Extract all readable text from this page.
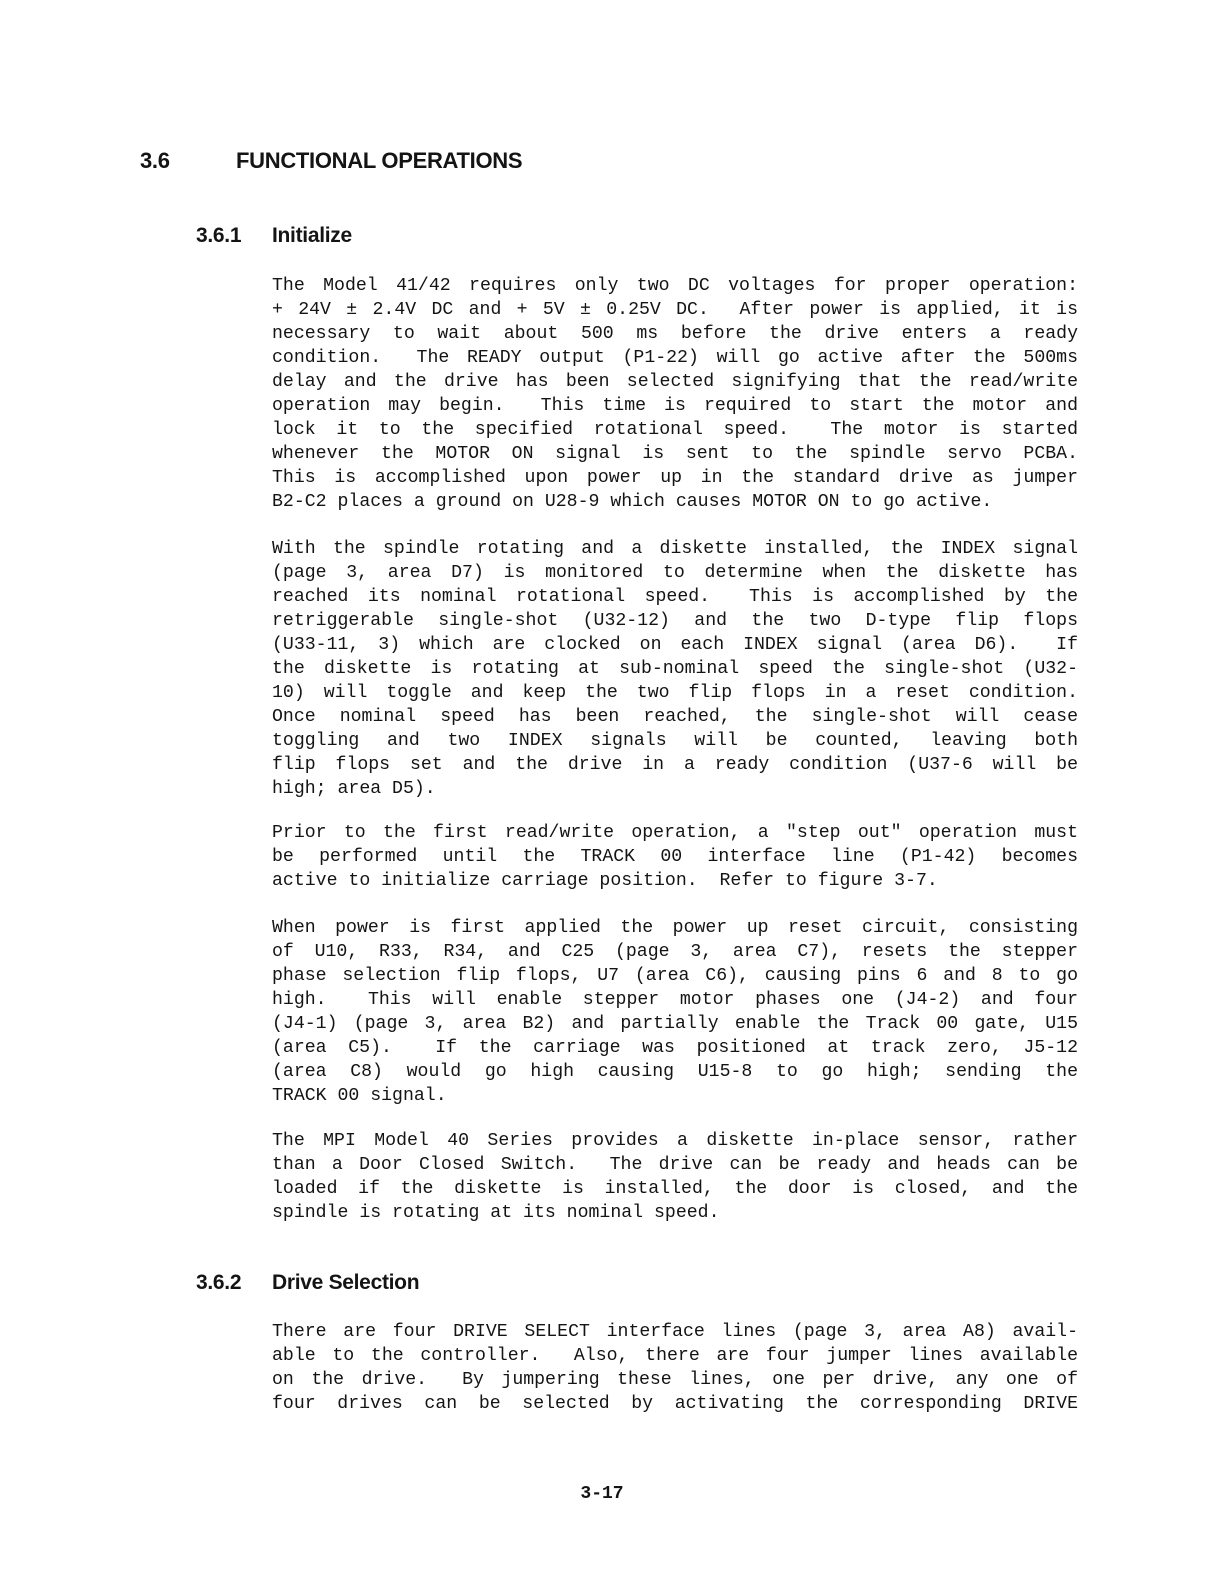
3.6	FUNCTIONAL OPERATIONS
3.6.1 Initialize
The Model 41/42 requires only two DC voltages for proper operation:
+ 24V ± 2.4V DC and + 5V ± 0.25V DC.  After power is applied, it is
necessary to wait about 500 ms before the drive enters a ready
condition.  The READY output (P1-22) will go active after the 500ms
delay and the drive has been selected signifying that the read/write
operation may begin.  This time is required to start the motor and
lock it to the specified rotational speed.  The motor is started
whenever the MOTOR ON signal is sent to the spindle servo PCBA.
This is accomplished upon power up in the standard drive as jumper
B2-C2 places a ground on U28-9 which causes MOTOR ON to go active.
With the spindle rotating and a diskette installed, the INDEX signal
(page 3, area D7) is monitored to determine when the diskette has
reached its nominal rotational speed.  This is accomplished by the
retriggerable single-shot (U32-12) and the two D-type flip flops
(U33-11, 3) which are clocked on each INDEX signal (area D6).  If
the diskette is rotating at sub-nominal speed the single-shot (U32-
10) will toggle and keep the two flip flops in a reset condition.
Once nominal speed has been reached, the single-shot will cease
toggling and two INDEX signals will be counted, leaving both
flip flops set and the drive in a ready condition (U37-6 will be
high; area D5).
Prior to the first read/write operation, a "step out" operation must
be performed until the TRACK 00 interface line (P1-42) becomes
active to initialize carriage position.  Refer to figure 3-7.
When power is first applied the power up reset circuit, consisting
of U10, R33, R34, and C25 (page 3, area C7), resets the stepper
phase selection flip flops, U7 (area C6), causing pins 6 and 8 to go
high.  This will enable stepper motor phases one (J4-2) and four
(J4-1) (page 3, area B2) and partially enable the Track 00 gate, U15
(area C5).  If the carriage was positioned at track zero, J5-12
(area C8) would go high causing U15-8 to go high; sending the
TRACK 00 signal.
The MPI Model 40 Series provides a diskette in-place sensor, rather
than a Door Closed Switch.  The drive can be ready and heads can be
loaded if the diskette is installed, the door is closed, and the
spindle is rotating at its nominal speed.
3.6.2 Drive Selection
There are four DRIVE SELECT interface lines (page 3, area A8) avail-
able to the controller.  Also, there are four jumper lines available
on the drive.  By jumpering these lines, one per drive, any one of
four drives can be selected by activating the corresponding DRIVE
3-17
